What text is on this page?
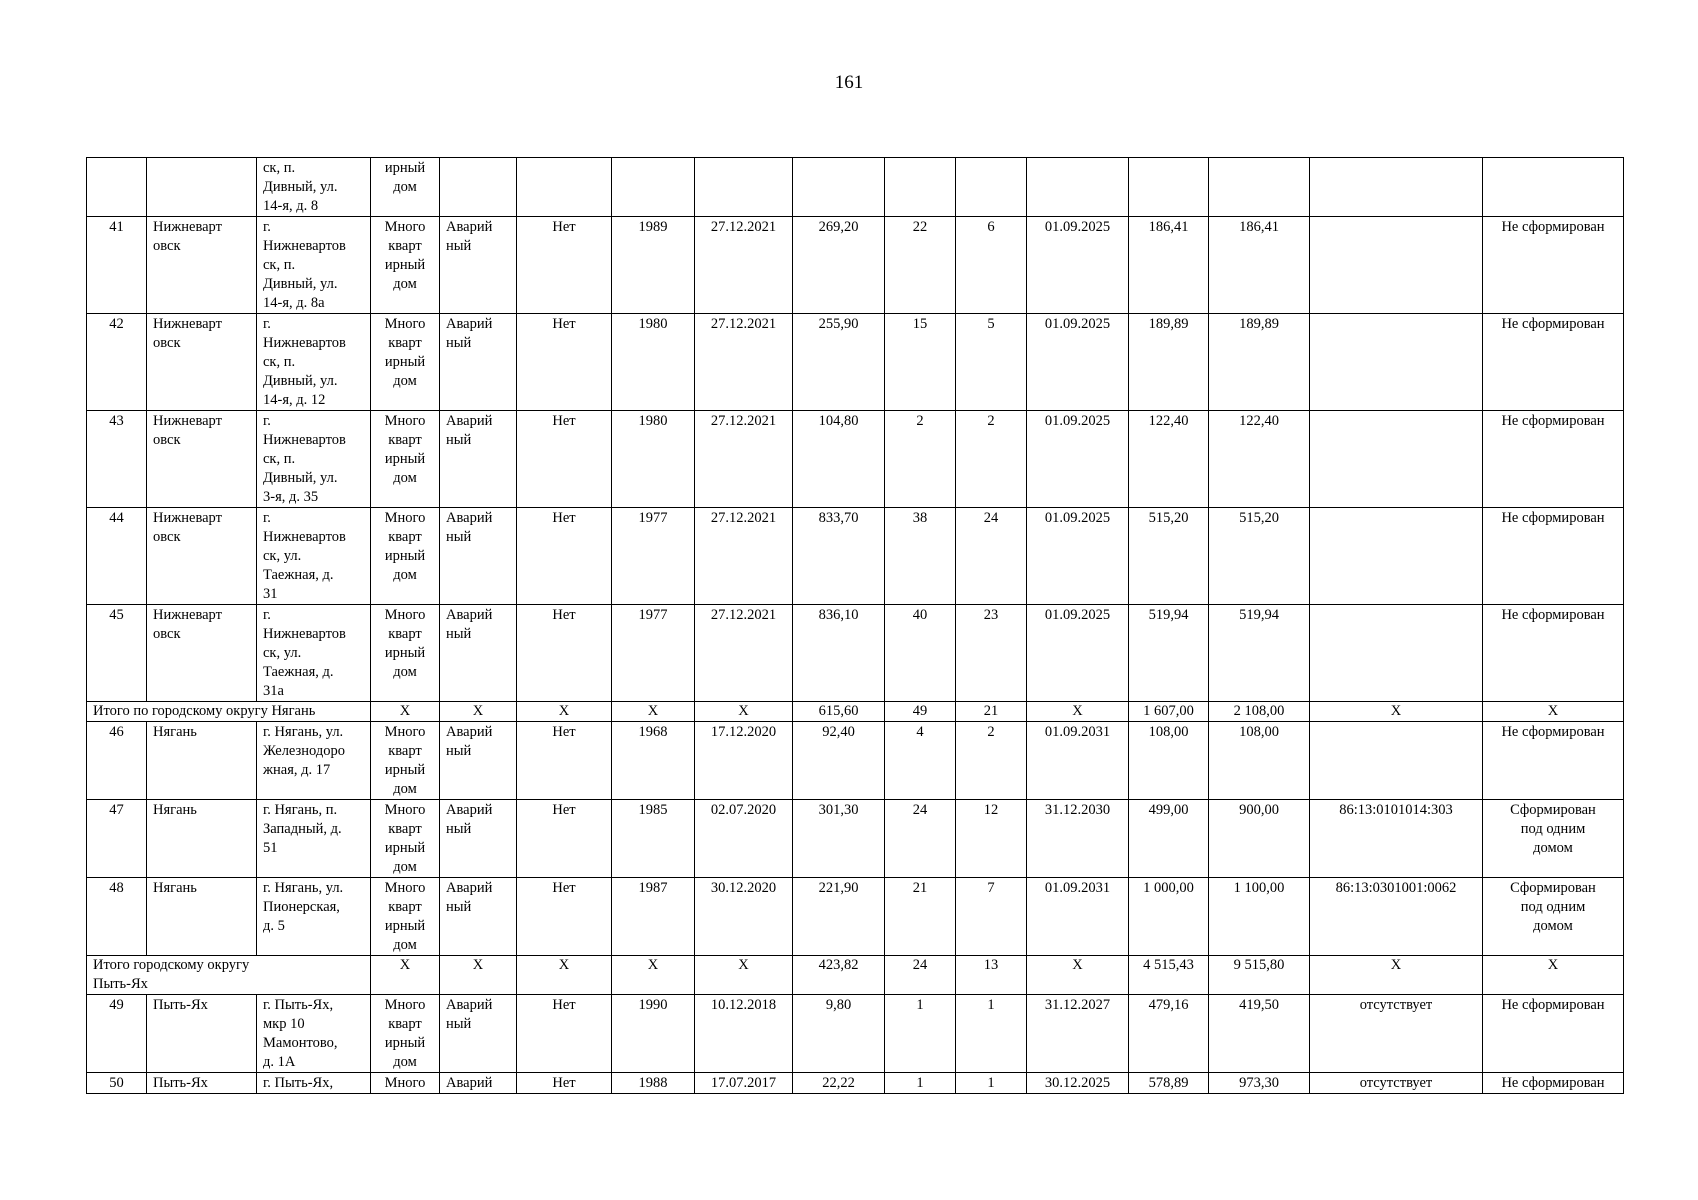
161
		ск, п.
Дивный, ул.
14-я, д. 8	ирный
дом												
41	Нижневарт
овск	г.
Нижневартов
ск, п.
Дивный, ул.
14-я, д. 8а	Много
кварт
ирный
дом	Аварий
ный	Нет	1989	27.12.2021	269,20	22	6	01.09.2025	186,41	186,41		Не сформирован
42	Нижневарт
овск	г.
Нижневартов
ск, п.
Дивный, ул.
14-я, д. 12	Много
кварт
ирный
дом	Аварий
ный	Нет	1980	27.12.2021	255,90	15	5	01.09.2025	189,89	189,89		Не сформирован
43	Нижневарт
овск	г.
Нижневартов
ск, п.
Дивный, ул.
3-я, д. 35	Много
кварт
ирный
дом	Аварий
ный	Нет	1980	27.12.2021	104,80	2	2	01.09.2025	122,40	122,40		Не сформирован
44	Нижневарт
овск	г.
Нижневартов
ск, ул.
Таежная, д.
31	Много
кварт
ирный
дом	Аварий
ный	Нет	1977	27.12.2021	833,70	38	24	01.09.2025	515,20	515,20		Не сформирован
45	Нижневарт
овск	г.
Нижневартов
ск, ул.
Таежная, д.
31а	Много
кварт
ирный
дом	Аварий
ный	Нет	1977	27.12.2021	836,10	40	23	01.09.2025	519,94	519,94		Не сформирован
Итого по городскому округу Нягань			X	X	X	X	X	615,60	49	21	X	1 607,00	2 108,00	X	X
46	Нягань	г. Нягань, ул.
Железнодоро
жная, д. 17	Много
кварт
ирный
дом	Аварий
ный	Нет	1968	17.12.2020	92,40	4	2	01.09.2031	108,00	108,00		Не сформирован
47	Нягань	г. Нягань, п.
Западный, д.
51	Много
кварт
ирный
дом	Аварий
ный	Нет	1985	02.07.2020	301,30	24	12	31.12.2030	499,00	900,00	86:13:0101014:303	Сформирован
под одним
домом
48	Нягань	г. Нягань, ул.
Пионерская,
д. 5	Много
кварт
ирный
дом	Аварий
ный	Нет	1987	30.12.2020	221,90	21	7	01.09.2031	1 000,00	1 100,00	86:13:0301001:0062	Сформирован
под одним
домом
Итого городскому округу
Пыть-Ях			X	X	X	X	X	423,82	24	13	X	4 515,43	9 515,80	X	X
49	Пыть-Ях	г. Пыть-Ях,
мкр 10
Мамонтово,
д. 1А	Много
кварт
ирный
дом	Аварий
ный	Нет	1990	10.12.2018	9,80	1	1	31.12.2027	479,16	419,50	отсутствует	Не сформирован
50	Пыть-Ях	г. Пыть-Ях,	Много	Аварий	Нет	1988	17.07.2017	22,22	1	1	30.12.2025	578,89	973,30	отсутствует	Не сформирован
